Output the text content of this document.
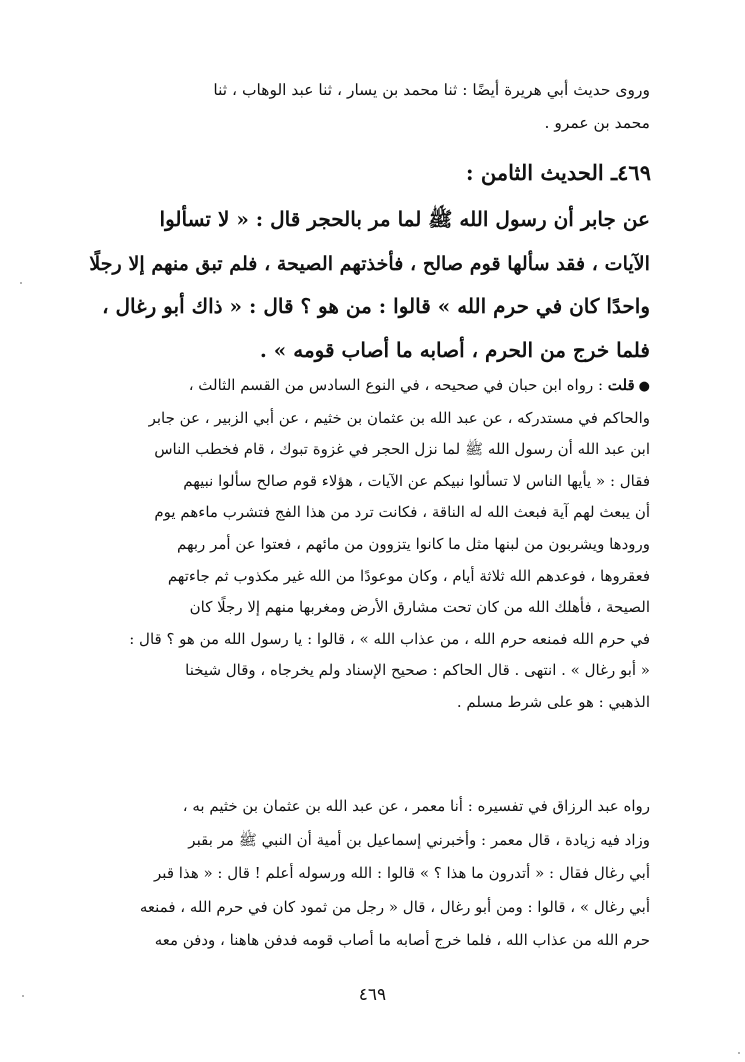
وروى حديث أبي هريرة أيضًا : ثنا محمد بن يسار ، ثنا عبد الوهاب ، ثنا
محمد بن عمرو .
٤٦٩ـ الحديث الثامن :
عن جابر أن رسول الله ﷺ لما مر بالحجر قال : « لا تسألوا
الآيات ، فقد سألها قوم صالح ، فأخذتهم الصيحة ، فلم تبق منهم إلا رجلًا
واحدًا كان في حرم الله » قالوا : من هو ؟ قال : « ذاك أبو رغال ،
فلما خرج من الحرم ، أصابه ما أصاب قومه » .
●قلت : رواه ابن حبان في صحيحه ، في النوع السادس من القسم الثالث ،
والحاكم في مستدركه ، عن عبد الله بن عثمان بن خثيم ، عن أبي الزبير ، عن جابر
ابن عبد الله أن رسول الله ﷺ لما نزل الحجر في غزوة تبوك ، قام فخطب الناس
فقال : « يأيها الناس لا تسألوا نبيكم عن الآيات ، هؤلاء قوم صالح سألوا نبيهم
أن يبعث لهم آية فبعث الله له الناقة ، فكانت ترد من هذا الفج فتشرب ماءهم يوم
ورودها ويشربون من لبنها مثل ما كانوا يتزوون من مائهم ، فعتوا عن أمر ربهم
فعقروها ، فوعدهم الله ثلاثة أيام ، وكان موعودًا من الله غير مكذوب ثم جاءتهم
الصيحة ، فأهلك الله من كان تحت مشارق الأرض ومغربها منهم إلا رجلًا كان
في حرم الله فمنعه حرم الله ، من عذاب الله » ، قالوا : يا رسول الله من هو ؟ قال :
« أبو رغال » . انتهى . قال الحاكم : صحيح الإسناد ولم يخرجاه ، وقال شيخنا
الذهبي : هو على شرط مسلم .
رواه عبد الرزاق في تفسيره : أنا معمر ، عن عبد الله بن عثمان بن خثيم به ،
وزاد فيه زيادة ، قال معمر : وأخبرني إسماعيل بن أمية أن النبي ﷺ مر بقبر
أبي رغال فقال : « أتدرون ما هذا ؟ » قالوا : الله ورسوله أعلم ! قال : « هذا قبر
أبي رغال » ، قالوا : ومن أبو رغال ، قال « رجل من ثمود كان في حرم الله ، فمنعه
حرم الله من عذاب الله ، فلما خرج أصابه ما أصاب قومه فدفن هاهنا ، ودفن معه
٤٦٩
